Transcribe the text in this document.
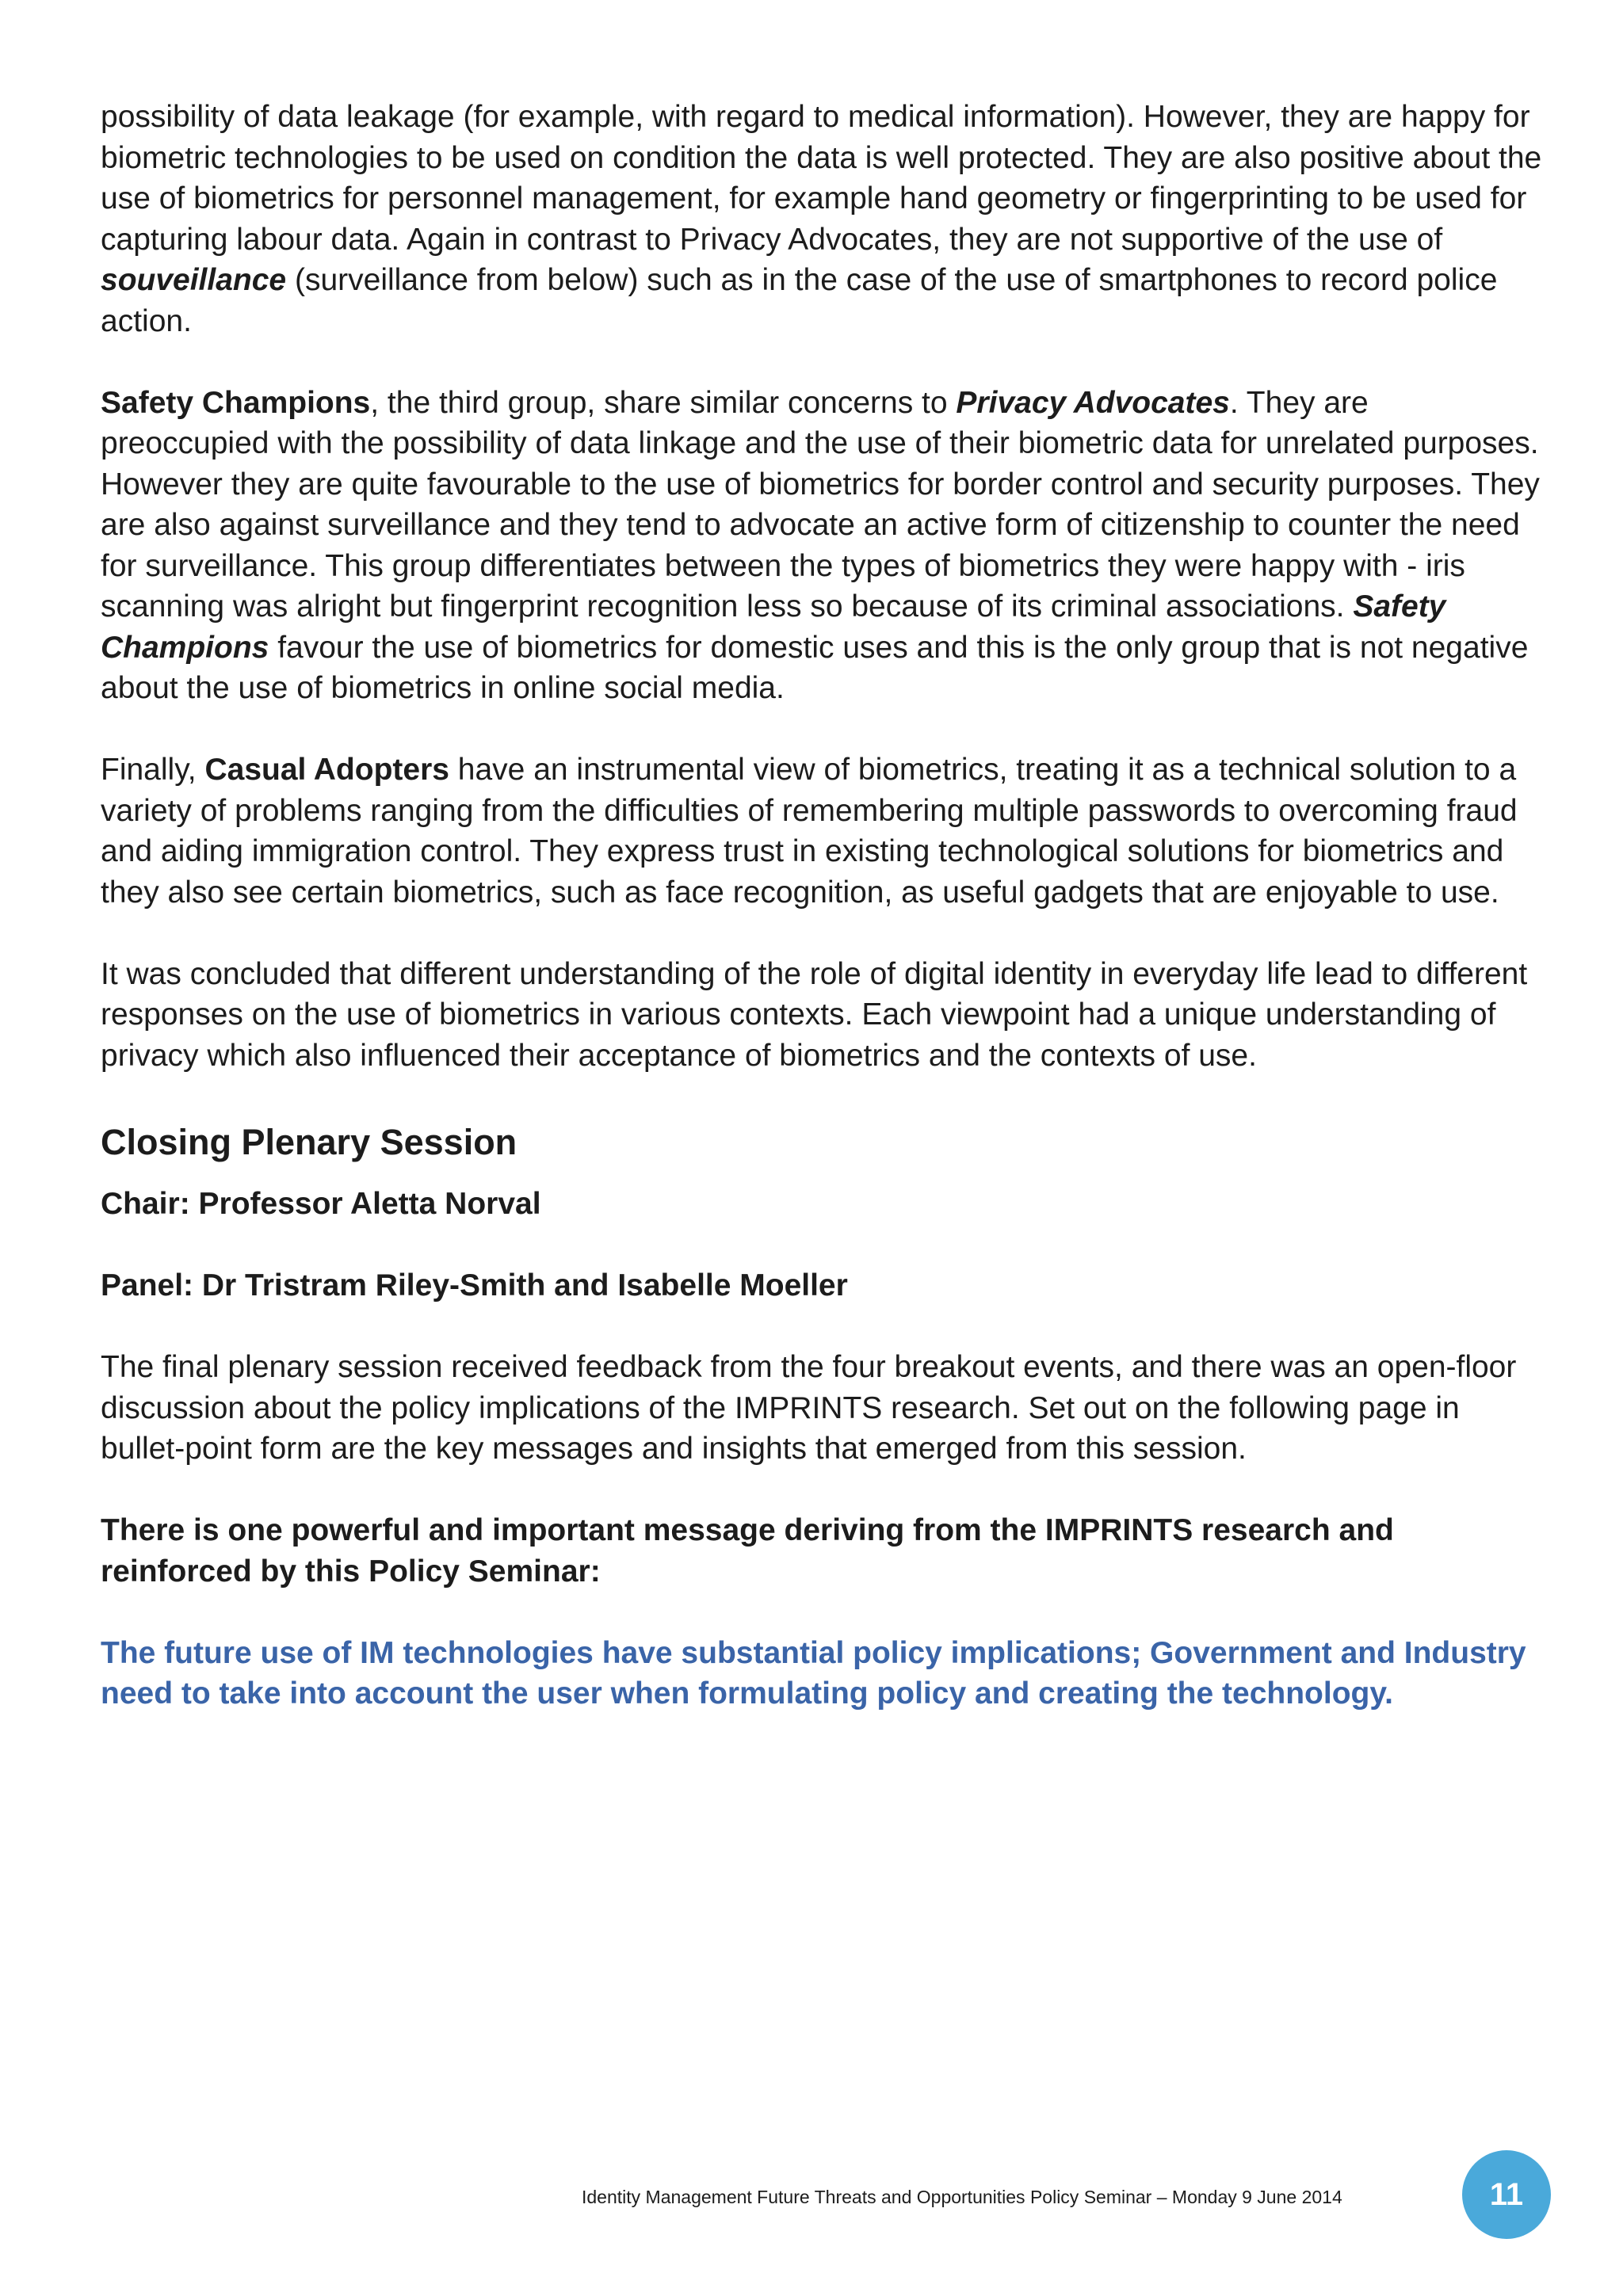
possibility of data leakage (for example, with regard to medical information). However, they are happy for biometric technologies to be used on condition the data is well protected. They are also positive about the use of biometrics for personnel management, for example hand geometry or fingerprinting to be used for capturing labour data. Again in contrast to Privacy Advocates, they are not supportive of the use of souveillance (surveillance from below) such as in the case of the use of smartphones to record police action.

Safety Champions, the third group, share similar concerns to Privacy Advocates. They are preoccupied with the possibility of data linkage and the use of their biometric data for unrelated purposes. However they are quite favourable to the use of biometrics for border control and security purposes. They are also against surveillance and they tend to advocate an active form of citizenship to counter the need for surveillance. This group differentiates between the types of biometrics they were happy with - iris scanning was alright but fingerprint recognition less so because of its criminal associations. Safety Champions favour the use of biometrics for domestic uses and this is the only group that is not negative about the use of biometrics in online social media.

Finally, Casual Adopters have an instrumental view of biometrics, treating it as a technical solution to a variety of problems ranging from the difficulties of remembering multiple passwords to overcoming fraud and aiding immigration control. They express trust in existing technological solutions for biometrics and they also see certain biometrics, such as face recognition, as useful gadgets that are enjoyable to use.

It was concluded that different understanding of the role of digital identity in everyday life lead to different responses on the use of biometrics in various contexts. Each viewpoint had a unique understanding of privacy which also influenced their acceptance of biometrics and the contexts of use.

Closing Plenary Session

Chair: Professor Aletta Norval

Panel: Dr Tristram Riley-Smith and Isabelle Moeller

The final plenary session received feedback from the four breakout events, and there was an open-floor discussion about the policy implications of the IMPRINTS research. Set out on the following page in bullet-point form are the key messages and insights that emerged from this session.

There is one powerful and important message deriving from the IMPRINTS research and reinforced by this Policy Seminar:

The future use of IM technologies have substantial policy implications; Government and Industry need to take into account the user when formulating policy and creating the technology.

Identity Management Future Threats and Opportunities Policy Seminar – Monday 9 June 2014	11
